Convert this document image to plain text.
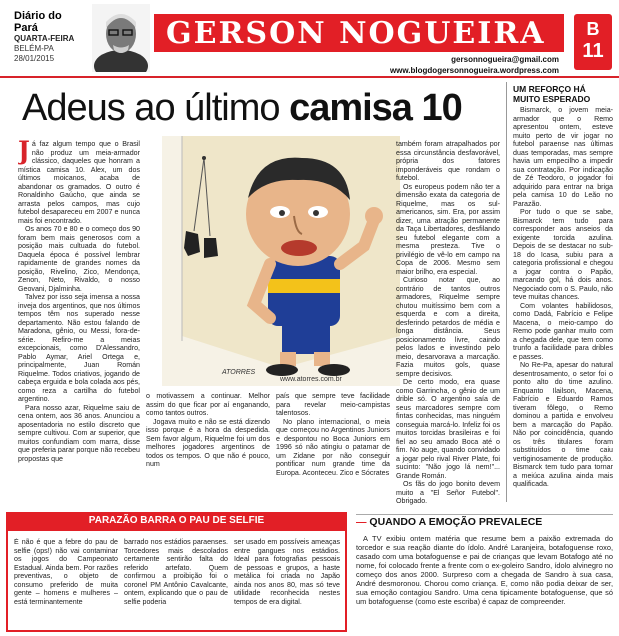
Diário do Pará
QUARTA-FEIRA
BELÉM-PA
28/01/2015
GERSON NOGUEIRA
gersonnogueira@gmail.com
www.blogdogersonnogueira.wordpress.com
B
11
Adeus ao último camisa 10
J á faz algum tempo que o Brasil não produz um meia-armador clássico, daqueles que honram a mística camisa 10. Alex, um dos últimos moicanos, acaba de abandonar os gramados. O outro é Ronaldinho Gaúcho, que ainda se arrasta pelos campos, mas cujo futebol desapareceu em 2007 e nunca mais foi encontrado.

Os anos 70 e 80 e o começo dos 90 foram bem mais generosos com a posição mais cultuada do futebol. Daquela época é possível lembrar rapidamente de grandes nomes da posição, Rivelino, Zico, Mendonça, Zenon, Neto, Rivaldo, o nosso Geovani, Djalminha.

Talvez por isso seja imensa a nossa inveja dos argentinos, que nos últimos tempos têm nos superado nesse departamento. Não estou falando de Maradona, gênio, ou Messi, fora-de-série. Refiro-me a meias excepcionais, como D'Alessandro, Pablo Aymar, Ariel Ortega e, principalmente, Juan Román Riquelme. Todos criativos, jogando de cabeça erguida e bola colada aos pés, como reza a cartilha do futebol argentino.

Para nosso azar, Riquelme saiu de cena ontem, aos 36 anos. Anunciou a aposentadoria no estilo discreto que sempre cultivou. Com ar superior, que muitos confundiam com marra, disse que preferia parar porque não recebeu propostas que

ATORRES
www.atorres.com.br

o motivassem a continuar. Melhor assim do que ficar por aí enganando, como tantos outros.

Jogava muito e não se está dizendo isso porque é a hora da despedida. Sem favor algum, Riquelme foi um dos melhores jogadores argentinos de todos os tempos. O que não é pouco, num

país que sempre teve facilidade para revelar meio-campistas talentosos.

No plano internacional, o meia que começou no Argentinos Juniors e despontou no Boca Juniors em 1996 só não atingiu o patamar de um Zidane por não conseguir pontificar num grande time da Europa. Aconteceu. Zico e Sócrates

também foram atrapalhados por essa circunstância desfavorável, própria dos fatores imponderáveis que rondam o futebol.

Os europeus podem não ter a dimensão exata da categoria de Riquelme, mas os sul-americanos, sim. Era, por assim dizer, uma atração permanente da Taça Libertadores, desfilando seu futebol elegante com a mesma presteza. Tive o privilégio de vê-lo em campo na Copa de 2006. Mesmo sem maior brilho, era especial.

Curioso notar que, ao contrário de tantos outros armadores, Riquelme sempre chutou muitíssimo bem com a esquerda e com a direita, desferindo petardos de média e longa distância. Seus posicionamento livre, caindo pelos lados e investindo pelo meio, desarvorava a marcação. Fazia muitos gols, quase sempre decisivos.

De certo modo, era quase como Garrincha, o gênio de um drible só. O argentino saía de seus marcadores sempre com fintas conhecidas, mas ninguém conseguia marcá-lo. Infeliz foi os muitos torcidas brasileiras e foi fiel ao seu amado Boca até o fim. No auge, quando convidado a jogar pelo rival River Plate, foi sucinto: "Não jogo lá nem!"... Grande Román.

Os fãs do jogo bonito devem muito a "El Señor Futebol". Obrigado.

UM REFORÇO HÁ MUITO ESPERADO

Bismarck, o jovem meia-armador que o Remo apresentou ontem, esteve muito perto de vir jogar no futebol paraense nas últimas duas temporadas, mas sempre havia um empecilho a impedir sua contratação. Por indicação de Zé Teodoro, o jogador foi adquirido para entrar na briga pela camisa 10 do Leão no Parazão.

Por tudo o que se sabe, Bismarck tem tudo para corresponder aos anseios da exigente torcida azulina. Depois de se destacar no sub-18 do Icasa, subiu para a categoria profissional e chegou a jogar contra o Papão, marcando gol, há dois anos. Negociado com o S. Paulo, não teve muitas chances.

Com volantes habilidosos, como Dadá, Fabrício e Felipe Macena, o meio-campo do Remo pode ganhar muito com a chegada dele, que tem como trunfo a facilidade para dribles e passes.

No Re-Pa, apesar do natural desentrosamento, o setor foi o ponto alto do time azulino. Enquanto Ilailson, Macena, Fabrício e Eduardo Ramos tiveram fôlego, o Remo dominou a partida e envolveu bem a marcação do Papão. Não por coincidência, quando os três titulares foram substituídos o time caiu vertiginosamente de produção. Bismarck tem tudo para tornar a meiúca azulina ainda mais qualificada.

PARAZÃO BARRA O PAU DE SELFIE

É não é que a febre do pau de selfie (ops!) não vai contaminar os jogos do Campeonato Estadual. Ainda bem. Por razões preventivas, o objeto de consumo preferido de muita gente – homens e mulheres – está terminantemente

barrado nos estádios paraenses. Torcedores mais descolados certamente sentirão falta do referido artefato. Quem confirmou a proibição foi o coronel PM Antônio Cavalcante, ontem, explicando que o pau de selfie poderia

ser usado em possíveis ameaças entre gangues nos estádios. Ideal para fotografias pessoais de pessoas e grupos, a haste metálica foi criada no Japão ainda nos anos 80, mas só teve utilidade reconhecida nestes tempos de era digital.

— QUANDO A EMOÇÃO PREVALECE

A TV exibiu ontem matéria que resume bem a paixão extremada do torcedor e sua reação diante do ídolo. André Laranjeira, botafoguense roxo, casado com uma botafoguense e pai de crianças que levam Botafogo até no nome, foi colocado frente a frente com o ex-goleiro Sandro, ídolo alvinegro no começo dos anos 2000. Surpreso com a chegada de Sandro à sua casa, André desmoronou. Chorou como criança. E, como não podia deixar de ser, sua emoção contagiou Sandro. Uma cena tipicamente botafoguense, que só um botafoguense (como este escriba) é capaz de compreender.
